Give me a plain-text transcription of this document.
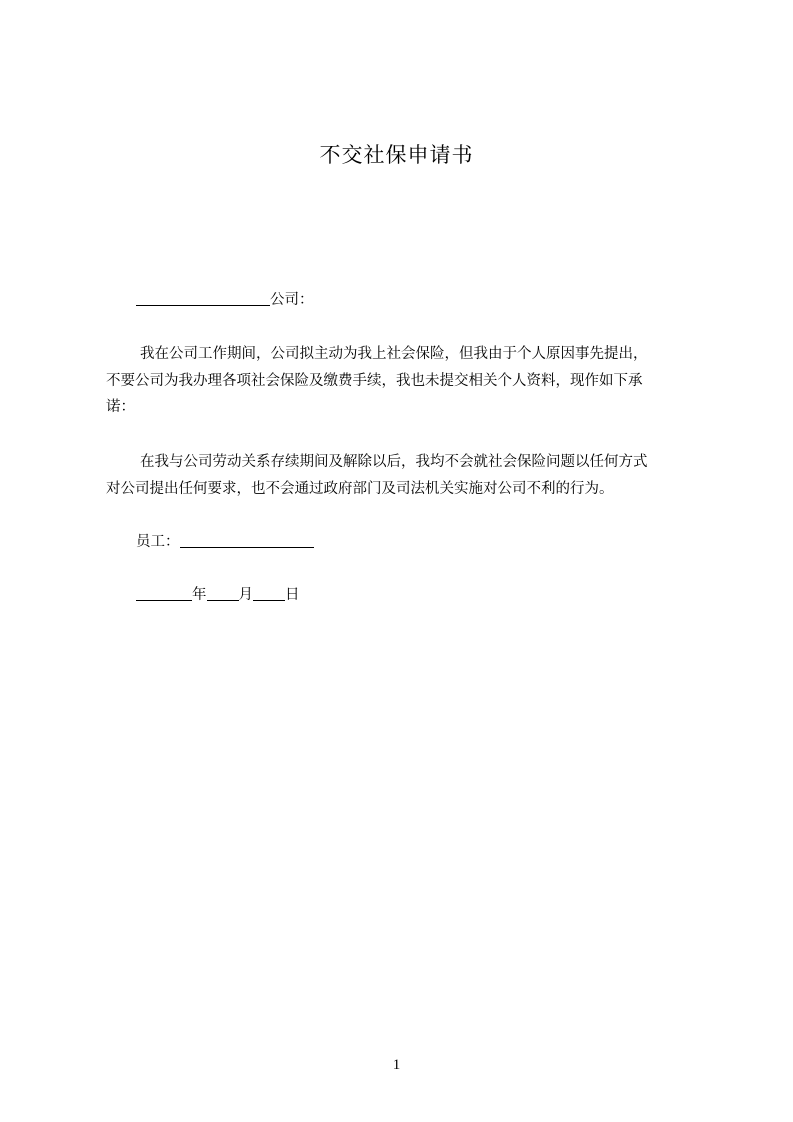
不交社保申请书
公司：
我在公司工作期间，公司拟主动为我上社会保险，但我由于个人原因事先提出，
不要公司为我办理各项社会保险及缴费手续，我也未提交相关个人资料，现作如下承
诺：
在我与公司劳动关系存续期间及解除以后，我均不会就社会保险问题以任何方式
对公司提出任何要求，也不会通过政府部门及司法机关实施对公司不利的行为。
员工：
年 月 日
1
